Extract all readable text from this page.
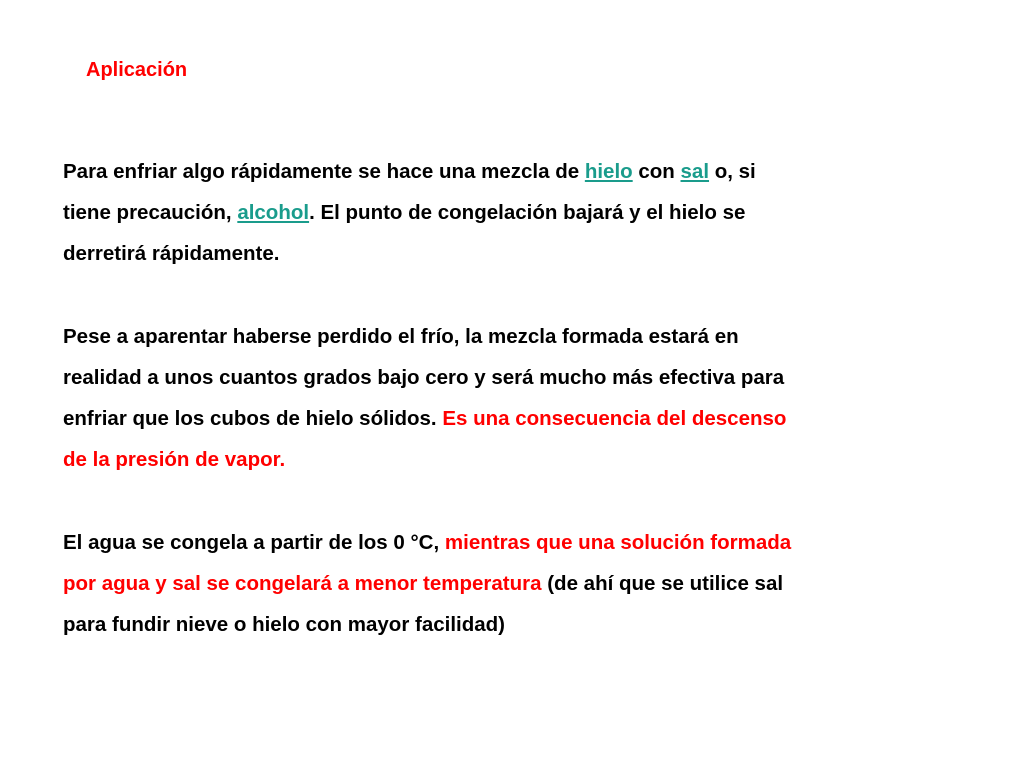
Aplicación
Para enfriar algo rápidamente se hace una mezcla de hielo con sal o, si
tiene precaución, alcohol. El punto de congelación bajará y el hielo se
derretirá rápidamente.
Pese a aparentar haberse perdido el frío, la mezcla formada estará en
realidad a unos cuantos grados bajo cero y será mucho más efectiva para
enfriar que los cubos de hielo sólidos. Es una consecuencia del descenso
de la presión de vapor.
El agua se congela a partir de los 0 °C, mientras que una solución formada
por agua y sal se congelará a menor temperatura (de ahí que se utilice sal
para fundir nieve o hielo con mayor facilidad)
